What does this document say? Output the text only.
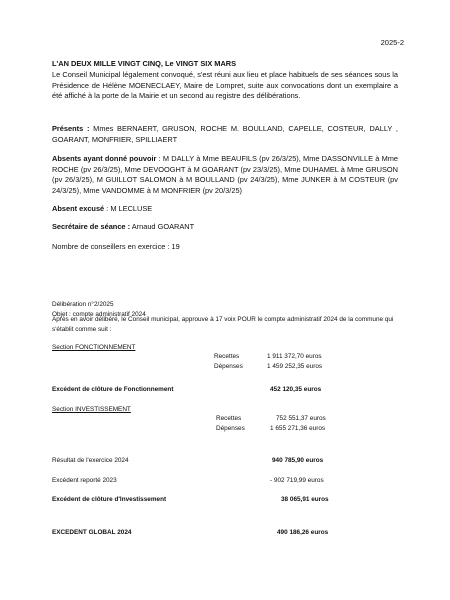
2025-2
L'AN DEUX MILLE VINGT CINQ, Le VINGT SIX MARS
Le Conseil Municipal légalement convoqué, s'est réuni aux lieu et place habituels de ses séances sous la Présidence de Hélène MOENECLAEY, Maire de Lompret, suite aux convocations dont un exemplaire a été affiché à la porte de la Mairie et un second au registre des délibérations.
Présents : Mmes BERNAERT, GRUSON, ROCHE M. BOULLAND, CAPELLE, COSTEUR, DALLY , GOARANT, MONFRIER, SPILLIAERT
Absents ayant donné pouvoir : M DALLY à Mme BEAUFILS (pv 26/3/25), Mme DASSONVILLE à Mme ROCHE (pv 26/3/25), Mme DEVOOGHT à M GOARANT (pv 23/3/25), Mme DUHAMEL à Mme GRUSON (pv 26/3/25), M GUILLOT SALOMON à M BOULLAND (pv 24/3/25), Mme JUNKER à M COSTEUR (pv 24/3/25), Mme VANDOMME à M MONFRIER (pv 20/3/25)
Absent excusé : M LECLUSE
Secrétaire de séance : Arnaud GOARANT
Nombre de conseillers en exercice : 19
Délibération n°2/2025
Objet : compte administratif 2024
Après en avoir délibéré, le Conseil municipal, approuve à 17 voix POUR le compte administratif 2024 de la commune qui s'établit comme suit :
Section FONCTIONNEMENT
Recettes	1 911 372,70 euros
Dépenses	1 459 252,35 euros
Excédent de clôture de Fonctionnement	452 120,35 euros
Section INVESTISSEMENT
Recettes	752 551,37 euros
Dépenses	1 655 271,36 euros
Résultat de l'exercice 2024	940 785,90 euros
Excédent reporté 2023	- 902 719,99 euros
Excédent de clôture d'Investissement	38 065,91 euros
EXCEDENT GLOBAL 2024	490 186,26 euros
